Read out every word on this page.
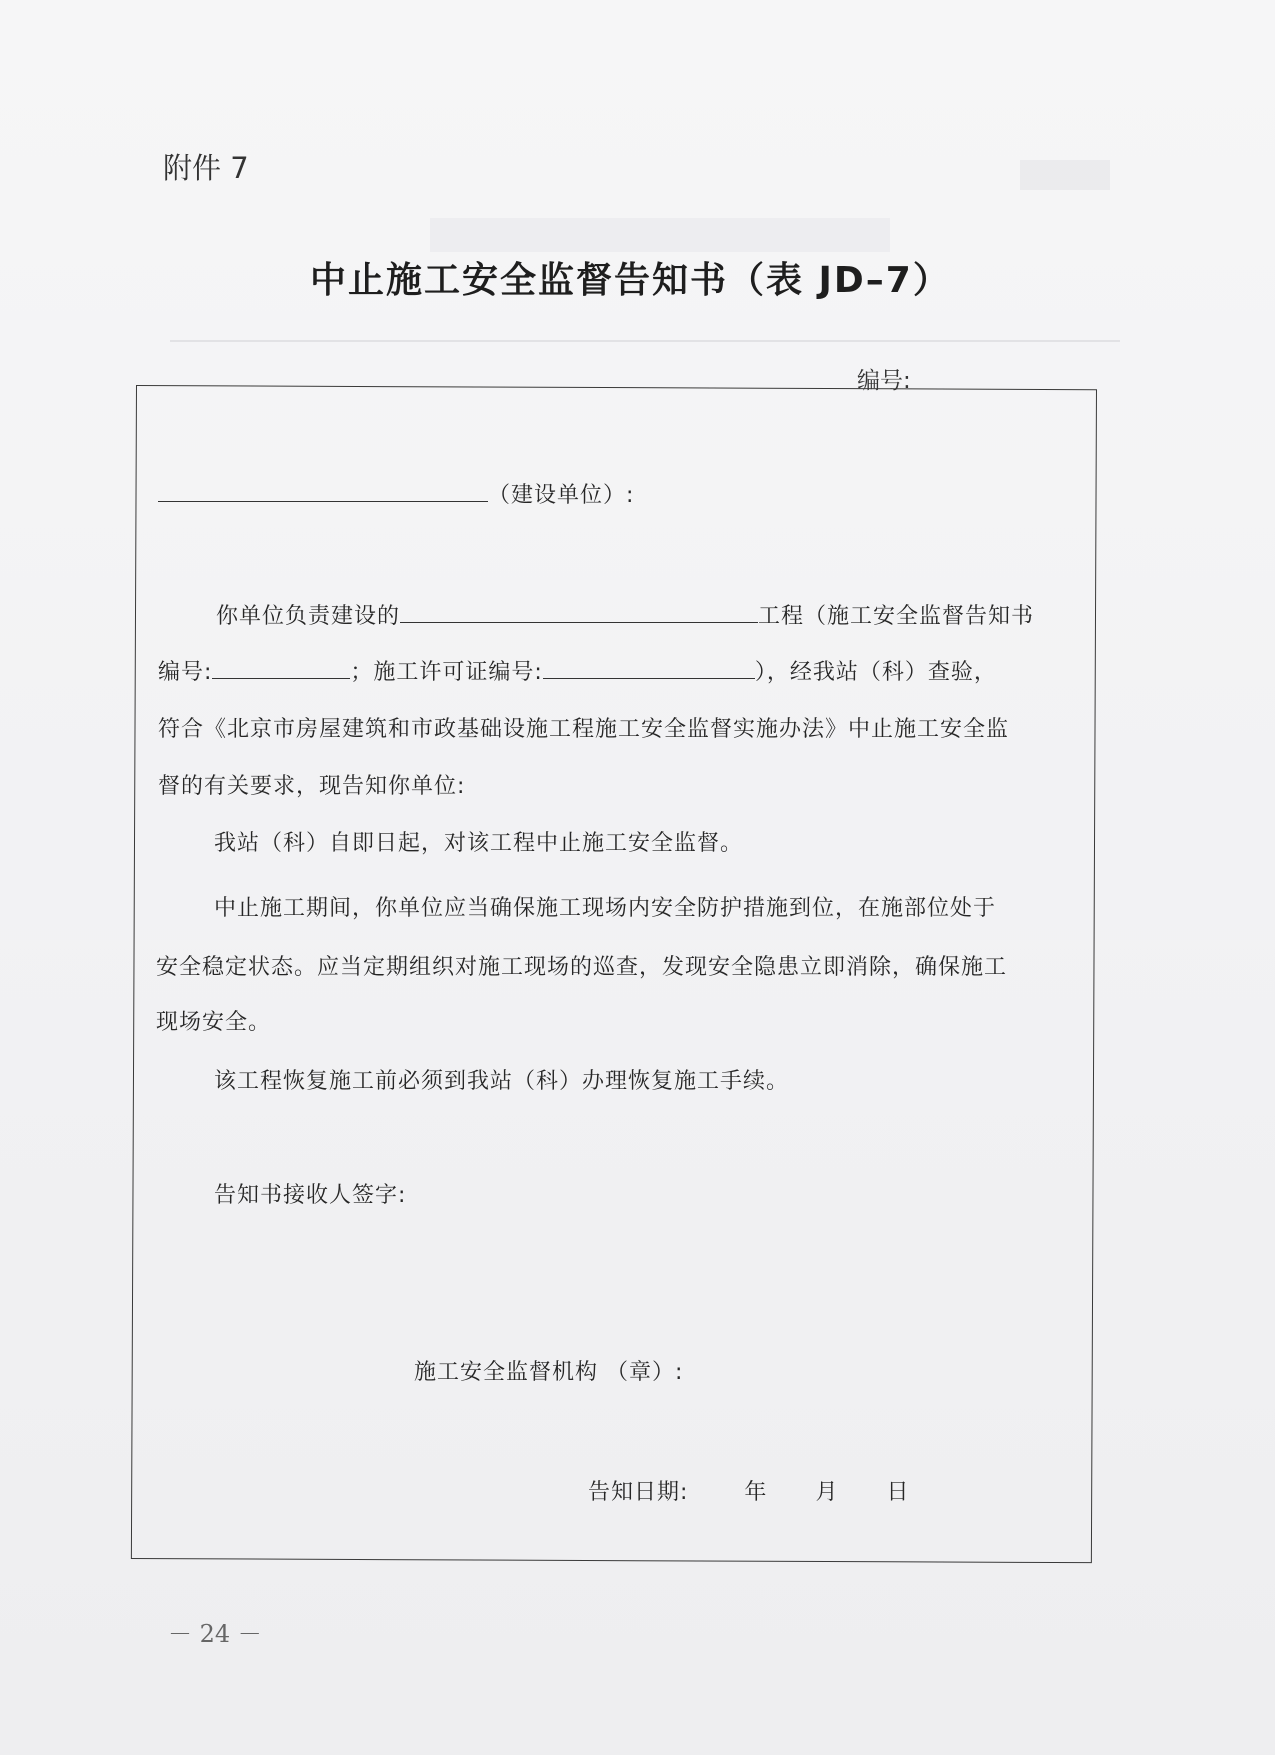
附件 7
中止施工安全监督告知书（表 JD–7）
编号:
（建设单位）:
你单位负责建设的	工程（施工安全监督告知书
编号:	；施工许可证编号:	），经我站（科）查验，
符合《北京市房屋建筑和市政基础设施工程施工安全监督实施办法》中止施工安全监
督的有关要求，现告知你单位:
我站（科）自即日起，对该工程中止施工安全监督。
中止施工期间，你单位应当确保施工现场内安全防护措施到位，在施部位处于
安全稳定状态。应当定期组织对施工现场的巡查，发现安全隐患立即消除，确保施工
现场安全。
该工程恢复施工前必须到我站（科）办理恢复施工手续。
告知书接收人签字:
施工安全监督机构 （章）:
告知日期:	年 月 日
－ 24 －
